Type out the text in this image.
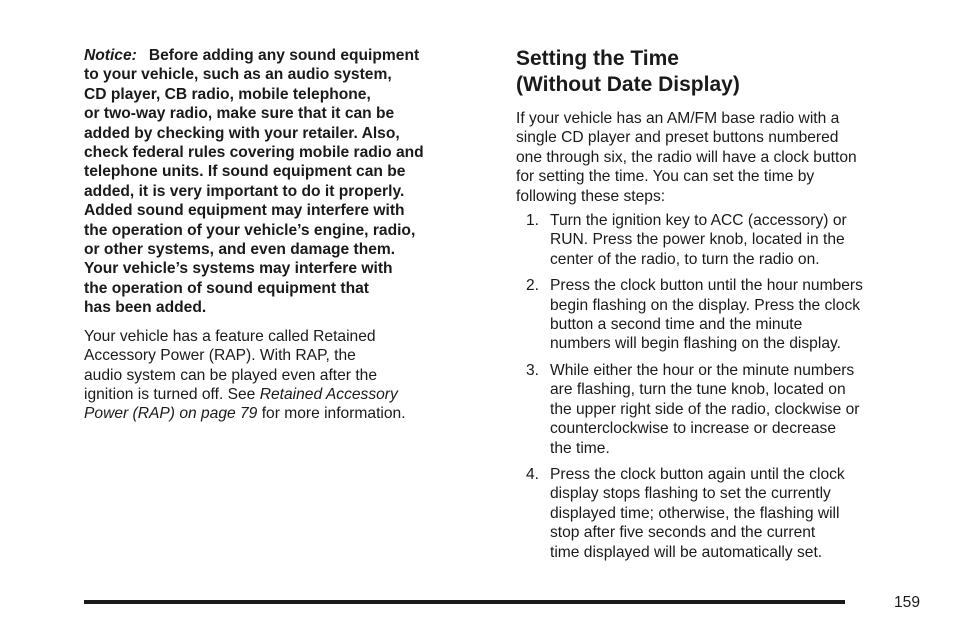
Notice: Before adding any sound equipment
to your vehicle, such as an audio system,
CD player, CB radio, mobile telephone,
or two-way radio, make sure that it can be
added by checking with your retailer. Also,
check federal rules covering mobile radio and
telephone units. If sound equipment can be
added, it is very important to do it properly.
Added sound equipment may interfere with
the operation of your vehicle’s engine, radio,
or other systems, and even damage them.
Your vehicle’s systems may interfere with
the operation of sound equipment that
has been added.

Your vehicle has a feature called Retained
Accessory Power (RAP). With RAP, the
audio system can be played even after the
ignition is turned off. See Retained Accessory
Power (RAP) on page 79 for more information.

Setting the Time
(Without Date Display)

If your vehicle has an AM/FM base radio with a
single CD player and preset buttons numbered
one through six, the radio will have a clock button
for setting the time. You can set the time by
following these steps:

1. Turn the ignition key to ACC (accessory) or
RUN. Press the power knob, located in the
center of the radio, to turn the radio on.
2. Press the clock button until the hour numbers
begin flashing on the display. Press the clock
button a second time and the minute
numbers will begin flashing on the display.
3. While either the hour or the minute numbers
are flashing, turn the tune knob, located on
the upper right side of the radio, clockwise or
counterclockwise to increase or decrease
the time.
4. Press the clock button again until the clock
display stops flashing to set the currently
displayed time; otherwise, the flashing will
stop after five seconds and the current
time displayed will be automatically set.
159
